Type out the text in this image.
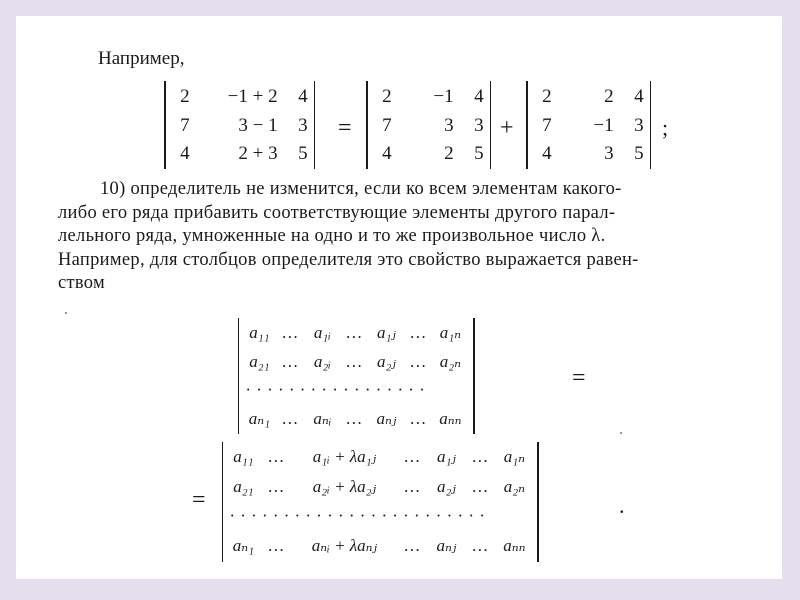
Например,
2	−1 + 2	4
7	3 − 1	3
4	2 + 3	5
=
2	−1	4
7	3	3
4	2	5
+
2	2	4
7	−1	3
4	3	5
;
10) определитель не изменится, если ко всем элементам какого-
либо его ряда прибавить соответствующие элементы другого парал-
лельного ряда, умноженные на одно и то же произвольное число λ.
Например, для столбцов определителя это свойство выражается равен-
ством
a₁₁ … a₁ᵢ … a₁ⱼ … a₁ₙ
a₂₁ … a₂ᵢ … a₂ⱼ … a₂ₙ
·················
aₙ₁ … aₙᵢ … aₙⱼ … aₙₙ
=
=
a₁₁ …	a₁ᵢ + λa₁ⱼ	… a₁ⱼ … a₁ₙ
a₂₁ …	a₂ᵢ + λa₂ⱼ	… a₂ⱼ … a₂ₙ
························
aₙ₁ …	aₙᵢ + λaₙⱼ	… aₙⱼ … aₙₙ
.
